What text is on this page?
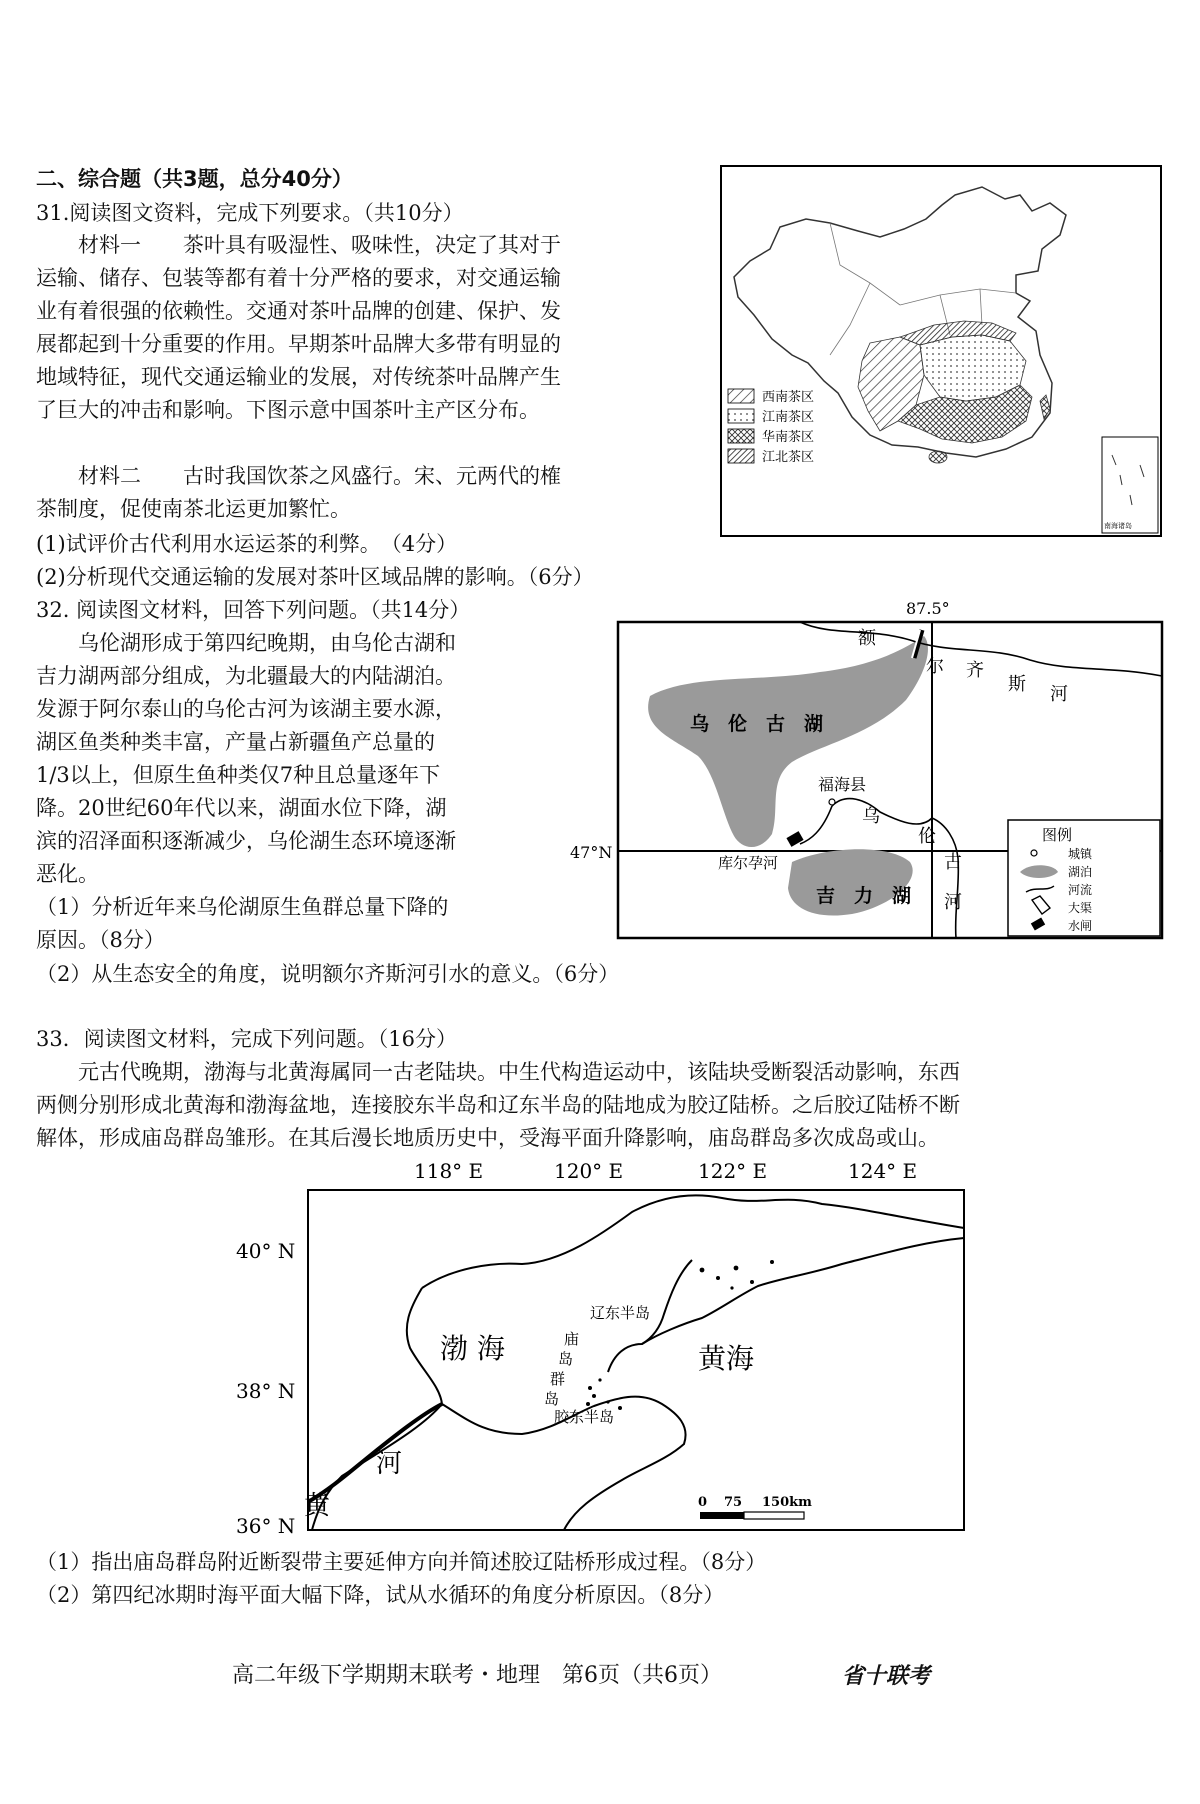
二、综合题（共3题，总分40分）
31.阅读图文资料，完成下列要求。（共10分）

材料一　　茶叶具有吸湿性、吸味性，决定了其对于

运输、储存、包装等都有着十分严格的要求，对交通运输

业有着很强的依赖性。交通对茶叶品牌的创建、保护、发

展都起到十分重要的作用。早期茶叶品牌大多带有明显的

地域特征，现代交通运输业的发展，对传统茶叶品牌产生

了巨大的冲击和影响。下图示意中国茶叶主产区分布。

材料二　　古时我国饮茶之风盛行。宋、元两代的榷

茶制度，促使南茶北运更加繁忙。

(1)试评价古代利用水运运茶的利弊。　（4分）
(2)分析现代交通运输的发展对茶叶区域品牌的影响。（6分）
西南茶区
江南茶区
华南茶区
江北茶区
南海诸岛
32. 阅读图文材料，回答下列问题。（共14分）

乌伦湖形成于第四纪晚期，由乌伦古湖和

吉力湖两部分组成，为北疆最大的内陆湖泊。

发源于阿尔泰山的乌伦古河为该湖主要水源，

湖区鱼类种类丰富，产量占新疆鱼产总量的

1/3以上，但原生鱼种类仅7种且总量逐年下

降。20世纪60年代以来，湖面水位下降，湖

滨的沼泽面积逐渐减少，乌伦湖生态环境逐渐

恶化。

（1）分析近年来乌伦湖原生鱼群总量下降的

原因。（8分）

（2）从生态安全的角度，说明额尔齐斯河引水的意义。（6分）
87.5°
47°N
乌　伦　古　湖
吉　力　湖
福海县
库尔孕河
额
尔 齐
斯 河
乌
伦
古
河
图例
城镇
湖泊
河流
大渠
水闸
33．阅读图文材料，完成下列问题。（16分）

元古代晚期，渤海与北黄海属同一古老陆块。中生代构造运动中，该陆块受断裂活动影响，东西

两侧分别形成北黄海和渤海盆地，连接胶东半岛和辽东半岛的陆地成为胶辽陆桥。之后胶辽陆桥不断

解体，形成庙岛群岛雏形。在其后漫长地质历史中，受海平面升降影响，庙岛群岛多次成岛或山。

118° E	120° E	122° E	124° E
40° N
38° N
36° N
渤 海	黄海
辽东半岛
胶东半岛
庙
岛
群
岛
河
黄	0 75 150km
（1）指出庙岛群岛附近断裂带主要延伸方向并简述胶辽陆桥形成过程。（8分）
（2）第四纪冰期时海平面大幅下降，试从水循环的角度分析原因。（8分）
高二年级下学期期末联考・地理　第6页（共6页）	省十联考
